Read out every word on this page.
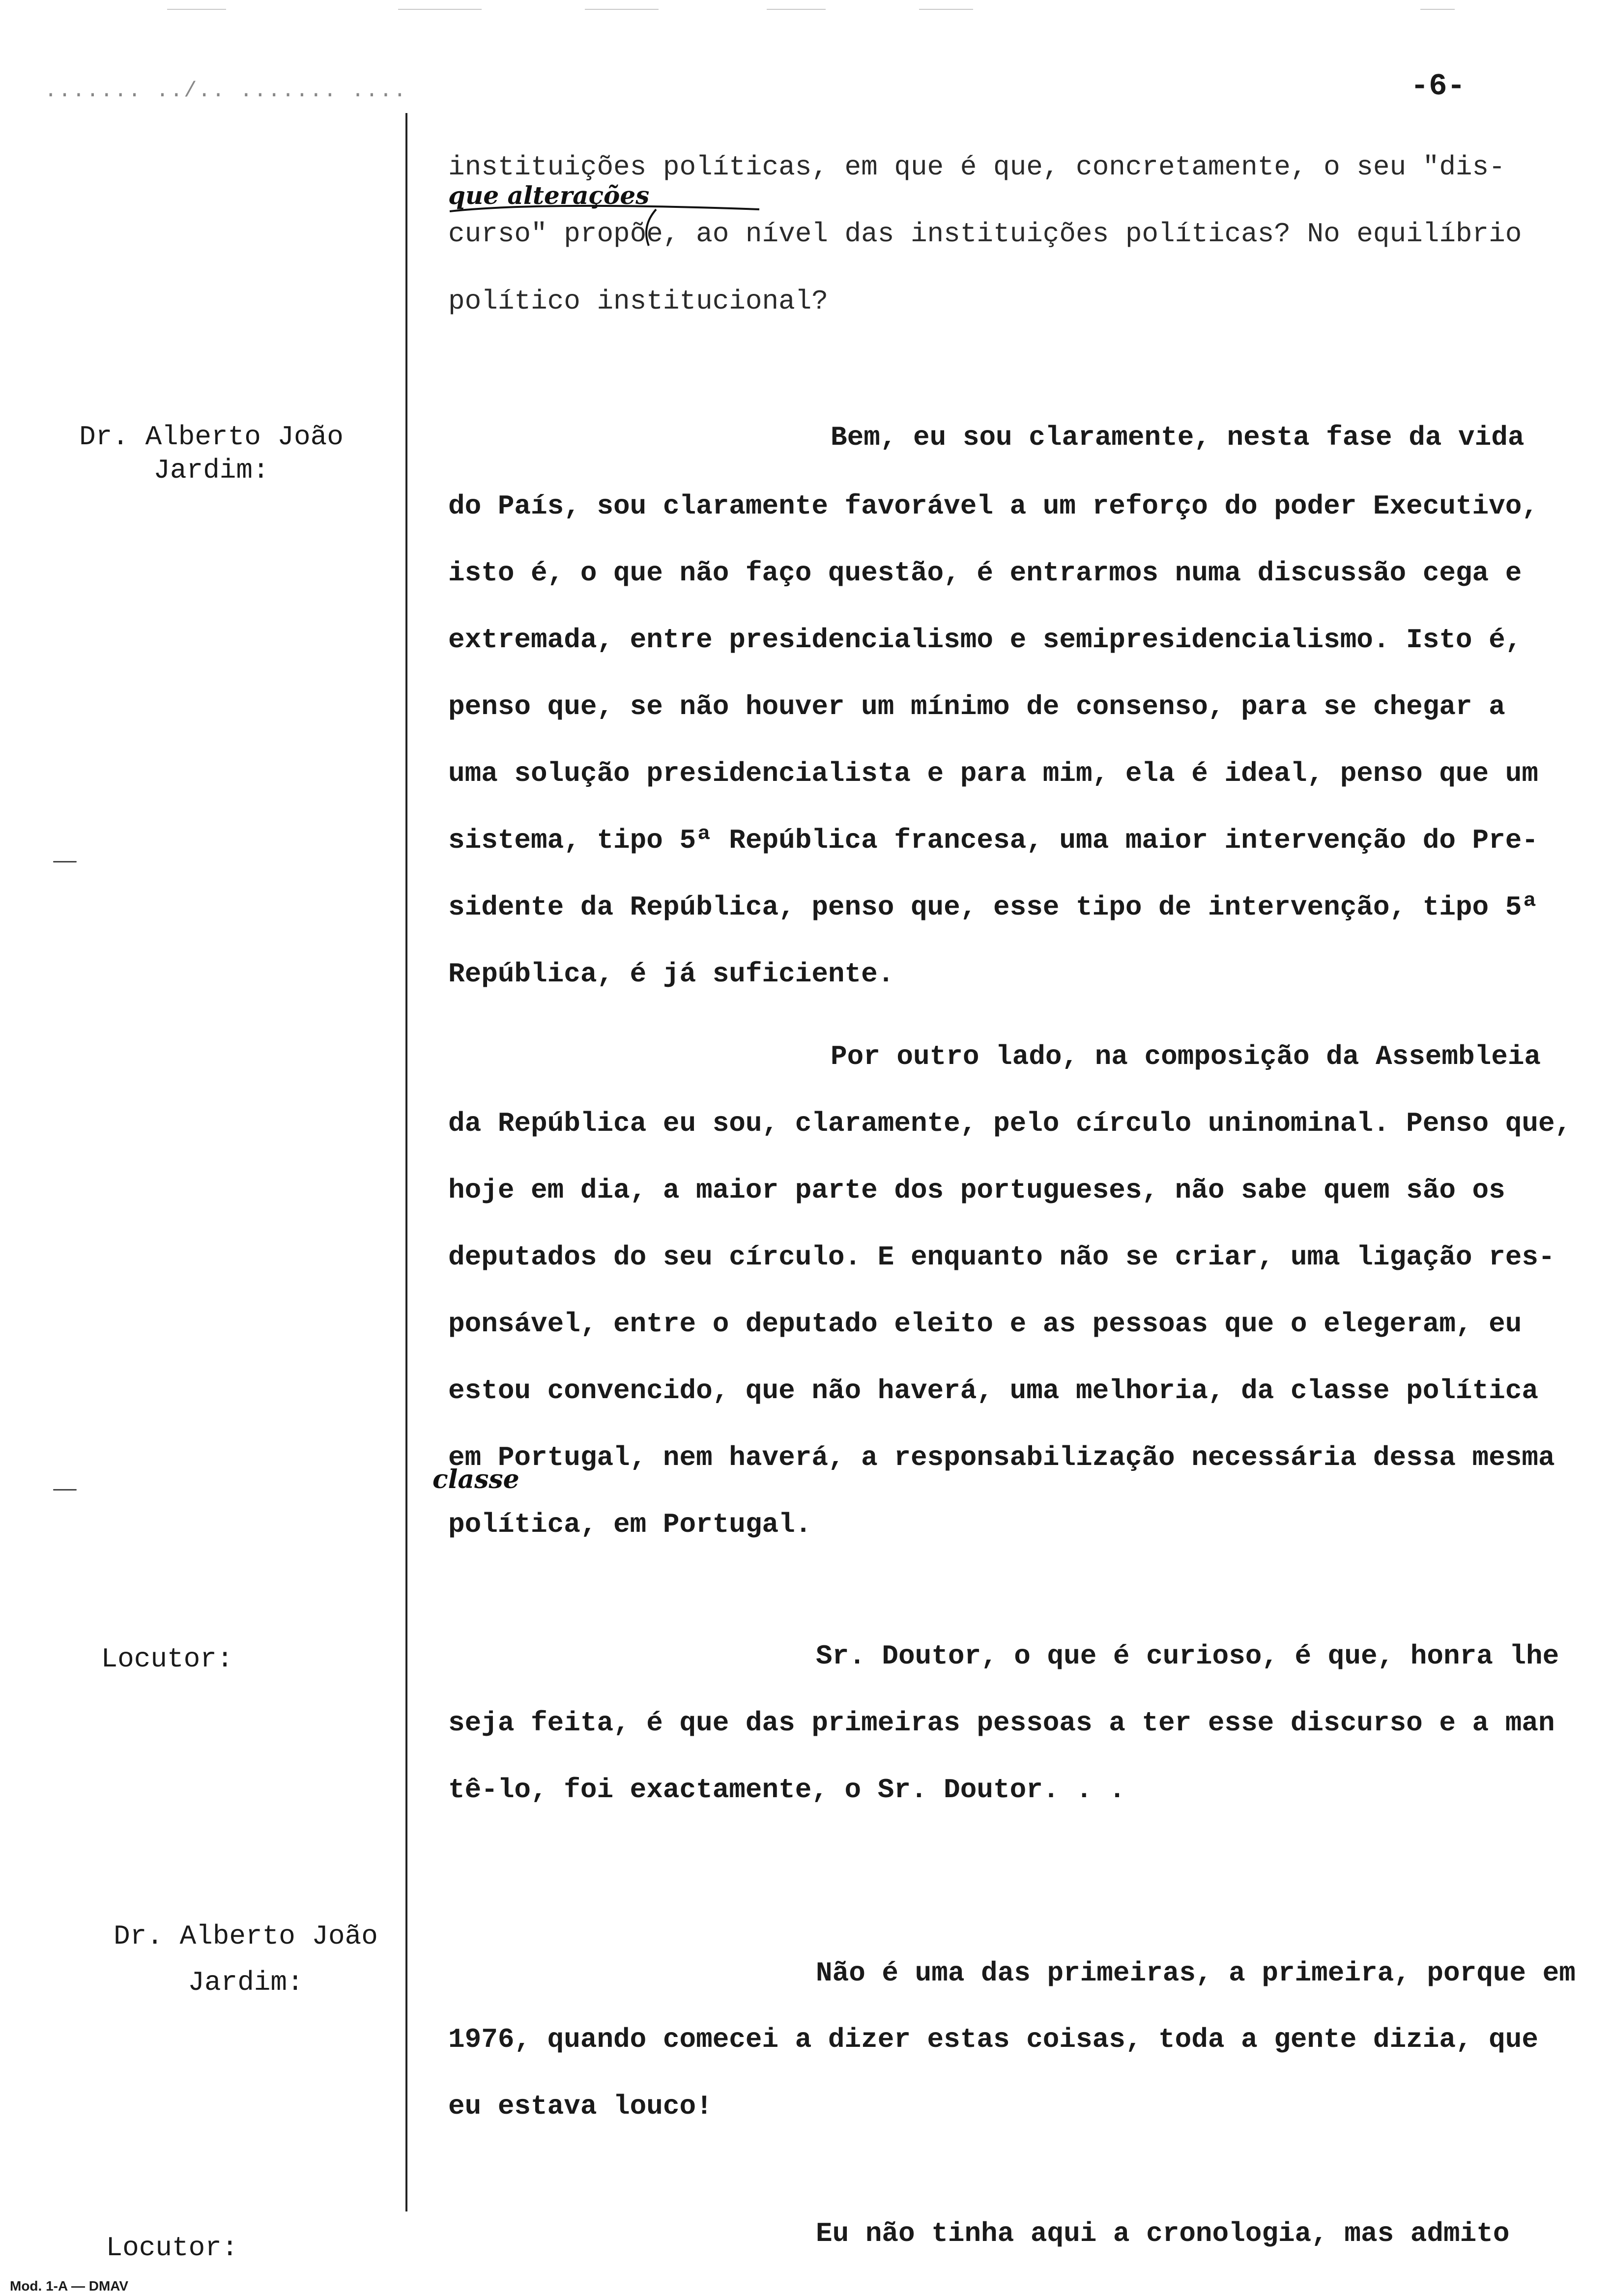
....... ../.. ....... ....	-6-
instituições políticas, em que é que, concretamente, o seu "dis-
que alterações
curso" propõe, ao nível das instituições políticas? No equilíbrio
político institucional?
Dr. Alberto João
Jardim:
Bem, eu sou claramente, nesta fase da vida
do País, sou claramente favorável a um reforço do poder Executivo,
isto é, o que não faço questão, é entrarmos numa discussão cega e
extremada, entre presidencialismo e semipresidencialismo. Isto é,
penso que, se não houver um mínimo de consenso, para se chegar a
uma solução presidencialista e para mim, ela é ideal, penso que um
sistema, tipo 5ª República francesa, uma maior intervenção do Pre-
sidente da República, penso que, esse tipo de intervenção, tipo 5ª
República, é já suficiente.
Por outro lado, na composição da Assembleia
da República eu sou, claramente, pelo círculo uninominal. Penso que,
hoje em dia, a maior parte dos portugueses, não sabe quem são os
deputados do seu círculo. E enquanto não se criar, uma ligação res-
ponsável, entre o deputado eleito e as pessoas que o elegeram, eu
estou convencido, que não haverá, uma melhoria, da classe política
em Portugal, nem haverá, a responsabilização necessária dessa mesma
classe
política, em Portugal.
Locutor:	Sr. Doutor, o que é curioso, é que, honra lhe
seja feita, é que das primeiras pessoas a ter esse discurso e a man
tê-lo, foi exactamente, o Sr. Doutor. . .
Dr. Alberto João
Jardim:	Não é uma das primeiras, a primeira, porque em
1976, quando comecei a dizer estas coisas, toda a gente dizia, que
eu estava louco!
Locutor:	Eu não tinha aqui a cronologia, mas admito
Mod. 1-A — DMAV
